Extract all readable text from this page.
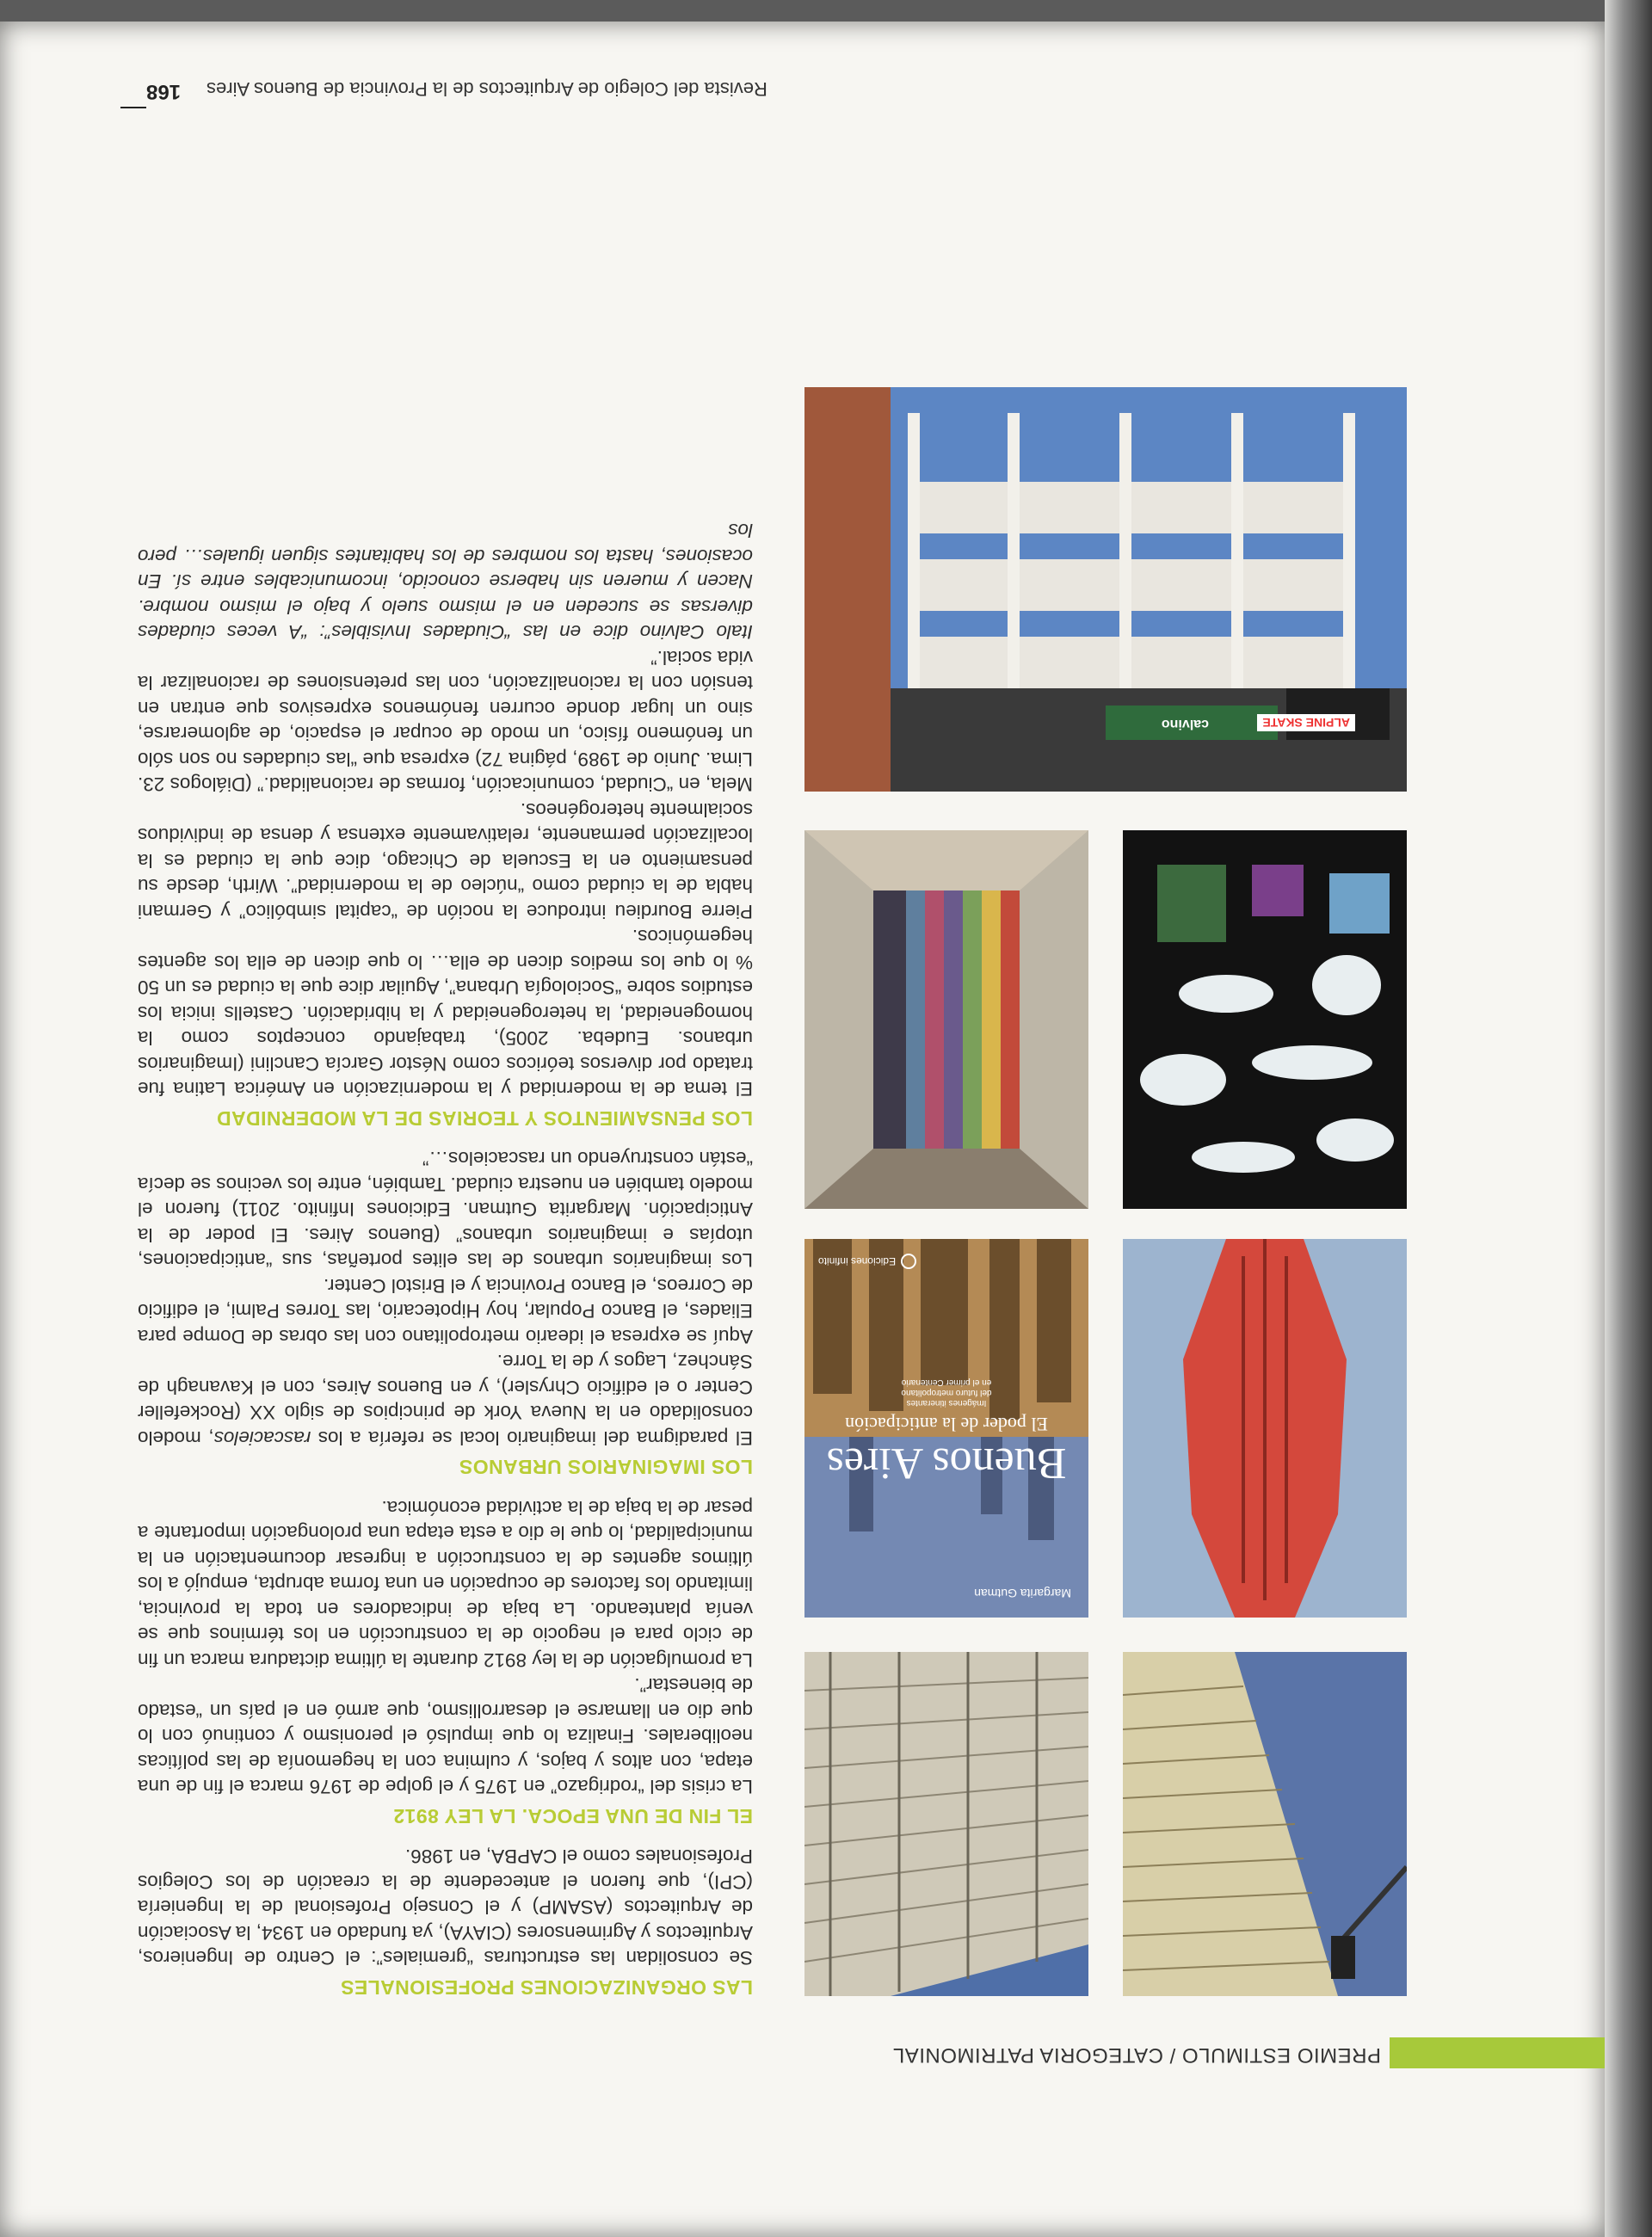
PREMIO ESTIMULO / CATEGORIA PATRIMONIAL
168 Revista del Colegio de Arquitectos de la Provincia de Buenos Aires
Margarita Gutman
Buenos Aires
El poder de la anticipación
Imágenes itinerantes
del futuro metropolitano
en el primer Centenario
Ediciones infinito
ALPINE SKATE
calvino
LAS ORGANIZACIONES PROFESIONALES

Se consolidan las estructuras “gremiales”: el Centro de Ingenieros, Arquitectos y Agrimensores (CIAYA), ya fundado en 1934, la Asociación de Arquitectos (ASAMP) y el Consejo Profesional de la Ingeniería (CPI), que fueron el antecedente de la creación de los Colegios Profesionales como el CAPBA, en 1986.

EL FIN DE UNA EPOCA. LA LEY 8912

La crisis del “rodrigazo” en 1975 y el golpe de 1976 marca el fin de una etapa, con altos y bajos, y culmina con la hegemonía de las políticas neoliberales. Finaliza lo que impulsó el peronismo y continuó con lo que dio en llamarse el desarrollismo, que armó en el país un “estado de bienestar”.

La promulgación de la ley 8912 durante la última dictadura marca un fin de ciclo para el negocio de la construcción en los términos que se venía planteando. La baja de indicadores en toda la provincia, limitando los factores de ocupación en una forma abrupta, empujó a los últimos agentes de la construcción a ingresar documentación en la municipalidad, lo que le dio a esta etapa una prolongación importante a pesar de la baja de la actividad económica.

LOS IMAGINARIOS URBANOS

El paradigma del imaginario local se refería a los rascacielos, modelo consolidado en la Nueva York de principios de siglo XX (Rockefeller Center o el edificio Chrysler), y en Buenos Aires, con el Kavanagh de Sánchez, Lagos y de la Torre.

Aquí se expresa el ideario metropolitano con las obras de Dompe para Eliades, el Banco Popular, hoy Hipotecario, las Torres Palmi, el edificio de Correos, el Banco Provincia y el Bristol Center.

Los imaginarios urbanos de las elites porteñas, sus “anticipaciones, utopías e imaginarios urbanos” (Buenos Aires. El poder de la Anticipación. Margarita Gutman. Ediciones Infinito. 2011) fueron el modelo también en nuestra ciudad. También, entre los vecinos se decía “están construyendo un rascacielos…”

LOS PENSAMIENTOS Y TEORIAS DE LA MODERNIDAD

El tema de la modernidad y la modernización en América Latina fue tratado por diversos teóricos como Néstor García Canclini (Imaginarios urbanos. Eudeba. 2005), trabajando conceptos como la homogeneidad, la heterogeneidad y la hibridación. Castells inicia los estudios sobre “Sociología Urbana”, Aguilar dice que la ciudad es un 50 % lo que los medios dicen de ella… lo que dicen de ella los agentes hegemónicos.

Pierre Bourdieu introduce la noción de “capital simbólico” y Germani habla de la ciudad como “núcleo de la modernidad”. Wirth, desde su pensamiento en la Escuela de Chicago, dice que la ciudad es la localización permanente, relativamente extensa y densa de individuos socialmente heterogéneos.

Mela, en “Ciudad, comunicación, formas de racionalidad.” (Diálogos 23. Lima. Junio de 1989, página 72) expresa que “las ciudades no son sólo un fenómeno físico, un modo de ocupar el espacio, de aglomerarse, sino un lugar donde ocurren fenómenos expresivos que entran en tensión con la racionalización, con las pretensiones de racionalizar la vida social.”

Italo Calvino dice en las “Ciudades Invisibles”: “A veces ciudades diversas se suceden en el mismo suelo y bajo el mismo nombre. Nacen y mueren sin haberse conocido, incomunicables entre sí. En ocasiones, hasta los nombres de los habitantes siguen iguales… pero los
